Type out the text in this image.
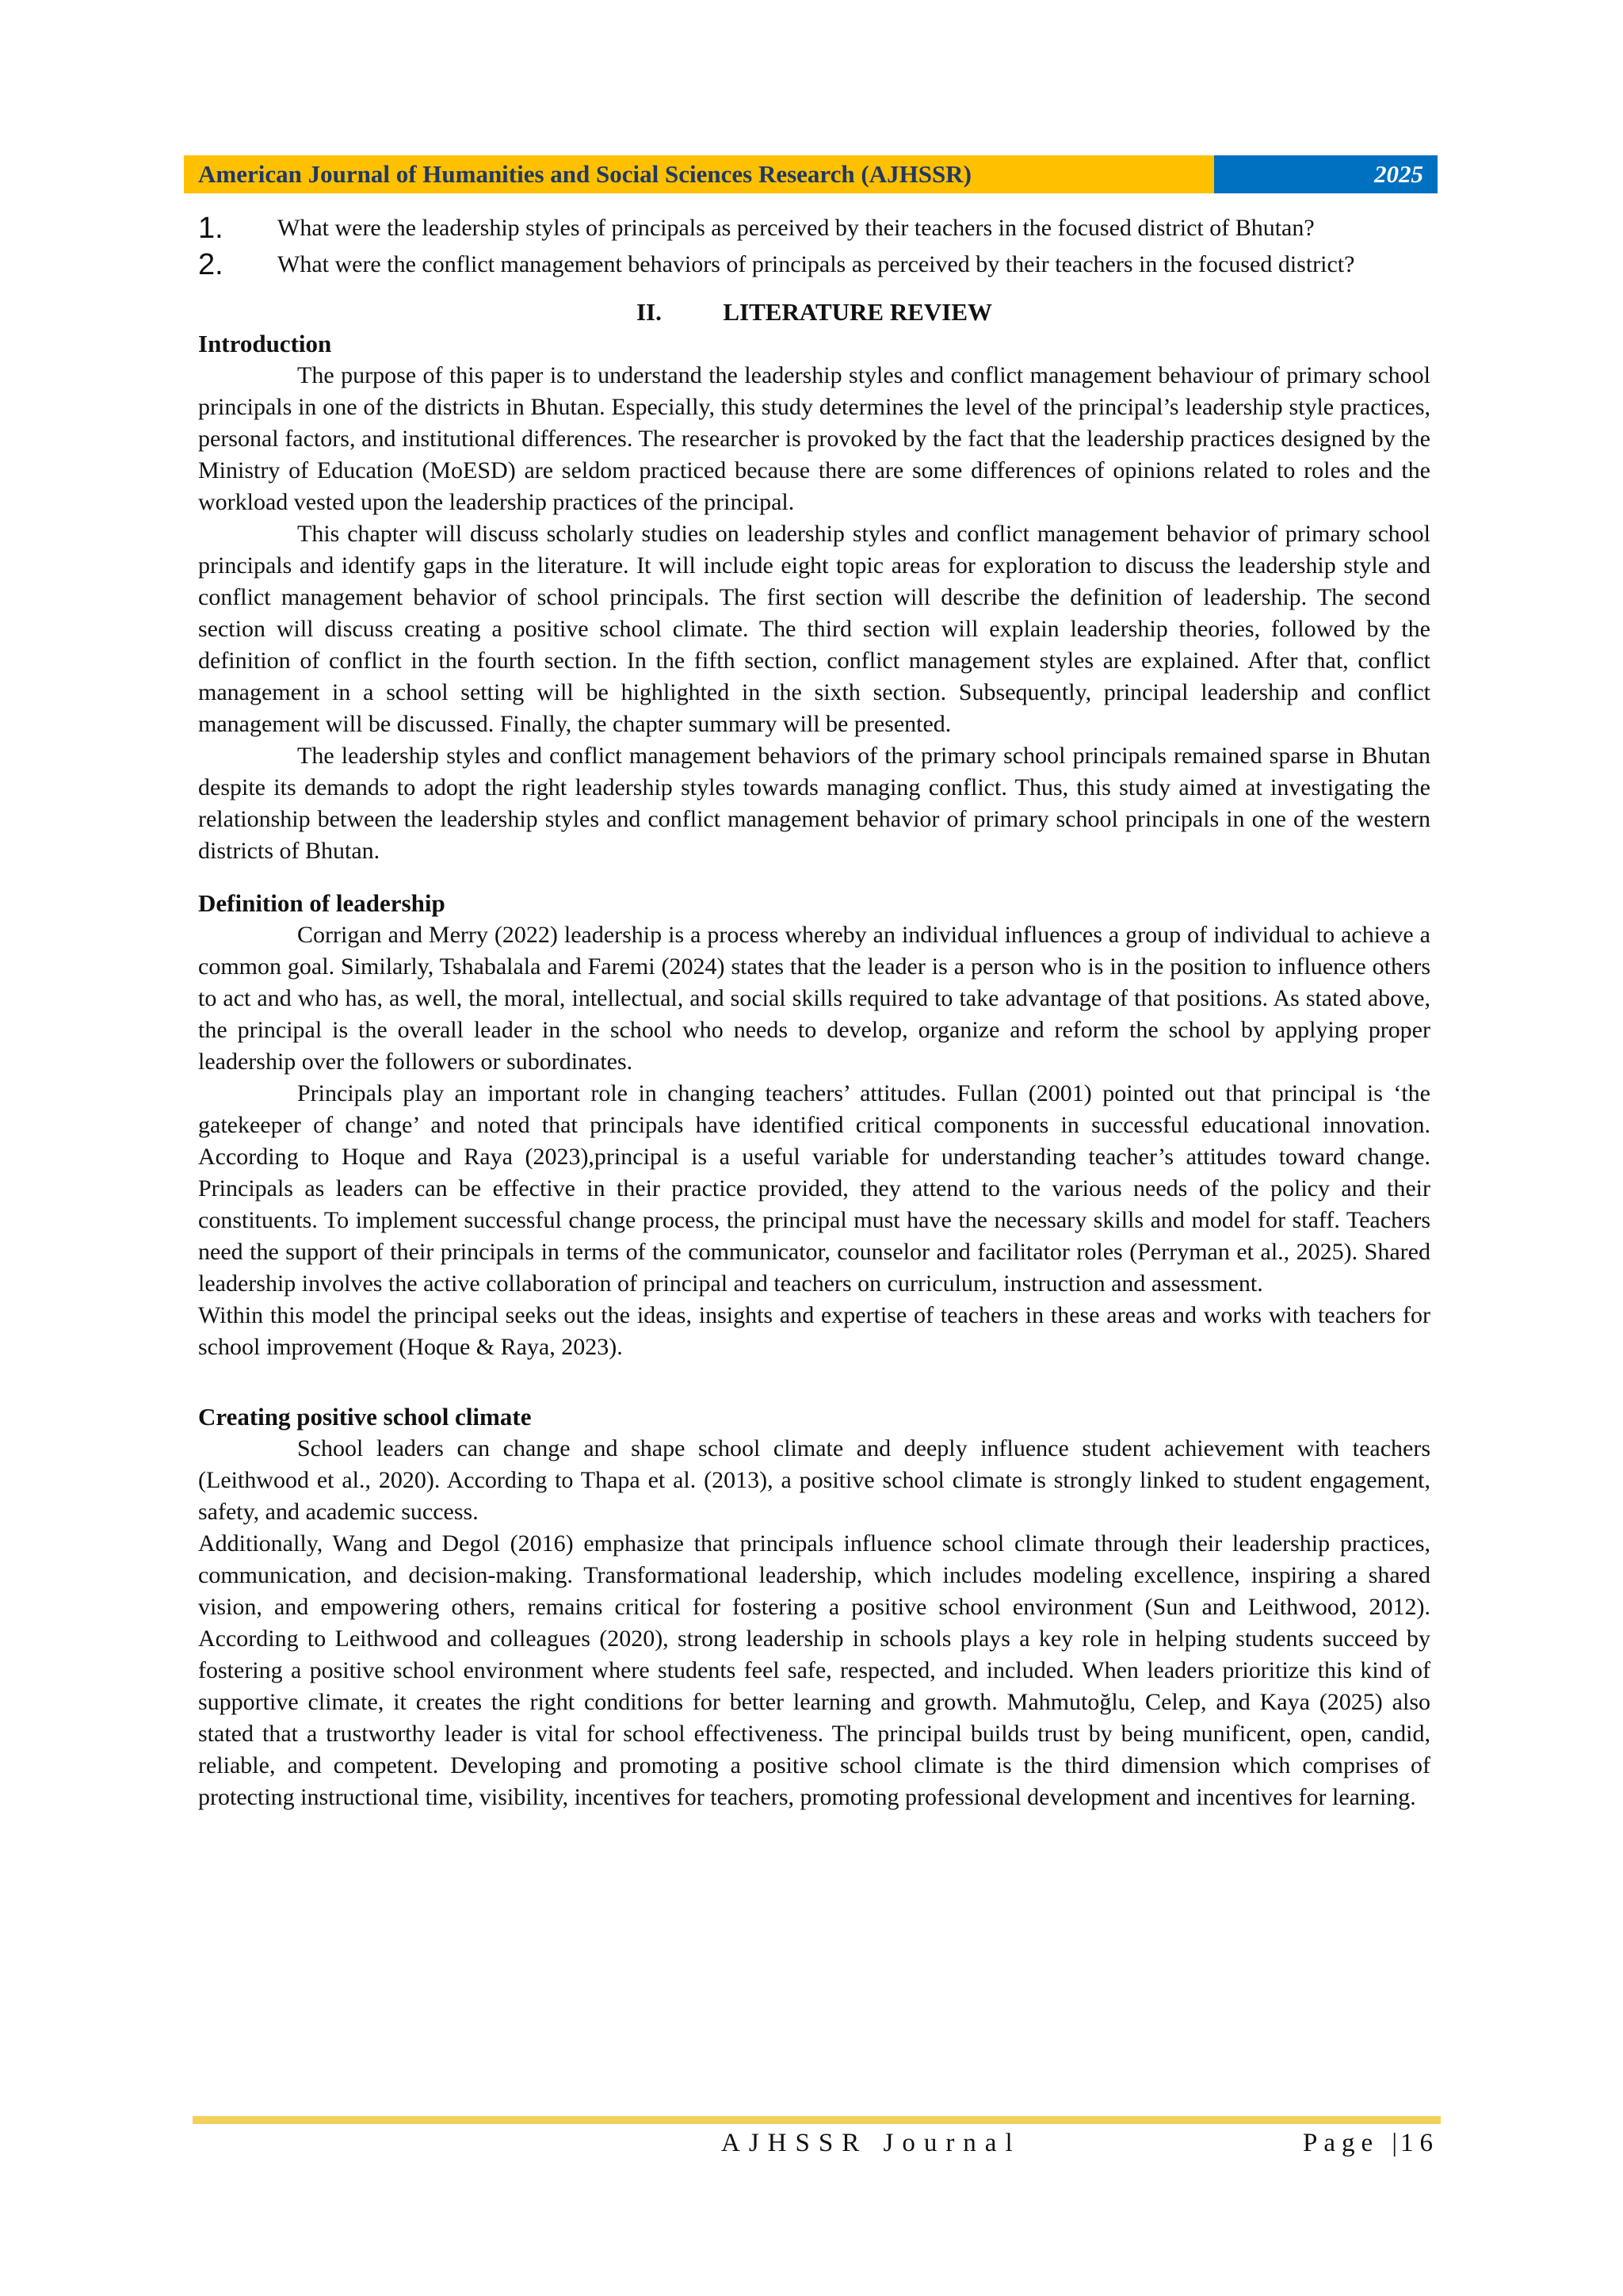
American Journal of Humanities and Social Sciences Research (AJHSSR)	2025
1.	What were the leadership styles of principals as perceived by their teachers in the focused district of Bhutan?
2.	What were the conflict management behaviors of principals as perceived by their teachers in the focused district?
II.	LITERATURE REVIEW
Introduction

The purpose of this paper is to understand the leadership styles and conflict management behaviour of primary school principals in one of the districts in Bhutan. Especially, this study determines the level of the principal’s leadership style practices, personal factors, and institutional differences. The researcher is provoked by the fact that the leadership practices designed by the Ministry of Education (MoESD) are seldom practiced because there are some differences of opinions related to roles and the workload vested upon the leadership practices of the principal.

This chapter will discuss scholarly studies on leadership styles and conflict management behavior of primary school principals and identify gaps in the literature. It will include eight topic areas for exploration to discuss the leadership style and conflict management behavior of school principals. The first section will describe the definition of leadership. The second section will discuss creating a positive school climate. The third section will explain leadership theories, followed by the definition of conflict in the fourth section. In the fifth section, conflict management styles are explained. After that, conflict management in a school setting will be highlighted in the sixth section. Subsequently, principal leadership and conflict management will be discussed. Finally, the chapter summary will be presented.

The leadership styles and conflict management behaviors of the primary school principals remained sparse in Bhutan despite its demands to adopt the right leadership styles towards managing conflict. Thus, this study aimed at investigating the relationship between the leadership styles and conflict management behavior of primary school principals in one of the western districts of Bhutan.

Definition of leadership

Corrigan and Merry (2022) leadership is a process whereby an individual influences a group of individual to achieve a common goal. Similarly, Tshabalala and Faremi (2024) states that the leader is a person who is in the position to influence others to act and who has, as well, the moral, intellectual, and social skills required to take advantage of that positions. As stated above, the principal is the overall leader in the school who needs to develop, organize and reform the school by applying proper leadership over the followers or subordinates.

Principals play an important role in changing teachers’ attitudes. Fullan (2001) pointed out that principal is ‘the gatekeeper of change’ and noted that principals have identified critical components in successful educational innovation. According to Hoque and Raya (2023),principal is a useful variable for understanding teacher’s attitudes toward change. Principals as leaders can be effective in their practice provided, they attend to the various needs of the policy and their constituents. To implement successful change process, the principal must have the necessary skills and model for staff. Teachers need the support of their principals in terms of the communicator, counselor and facilitator roles (Perryman et al., 2025). Shared leadership involves the active collaboration of principal and teachers on curriculum, instruction and assessment.

Within this model the principal seeks out the ideas, insights and expertise of teachers in these areas and works with teachers for school improvement (Hoque & Raya, 2023).

Creating positive school climate

School leaders can change and shape school climate and deeply influence student achievement with teachers (Leithwood et al., 2020). According to Thapa et al. (2013), a positive school climate is strongly linked to student engagement, safety, and academic success.

Additionally, Wang and Degol (2016) emphasize that principals influence school climate through their leadership practices, communication, and decision-making. Transformational leadership, which includes modeling excellence, inspiring a shared vision, and empowering others, remains critical for fostering a positive school environment (Sun and Leithwood, 2012). According to Leithwood and colleagues (2020), strong leadership in schools plays a key role in helping students succeed by fostering a positive school environment where students feel safe, respected, and included. When leaders prioritize this kind of supportive climate, it creates the right conditions for better learning and growth. Mahmutoğlu, Celep, and Kaya (2025) also stated that a trustworthy leader is vital for school effectiveness. The principal builds trust by being munificent, open, candid, reliable, and competent. Developing and promoting a positive school climate is the third dimension which comprises of protecting instructional time, visibility, incentives for teachers, promoting professional development and incentives for learning.

AJHSSR Journal	Page |16
